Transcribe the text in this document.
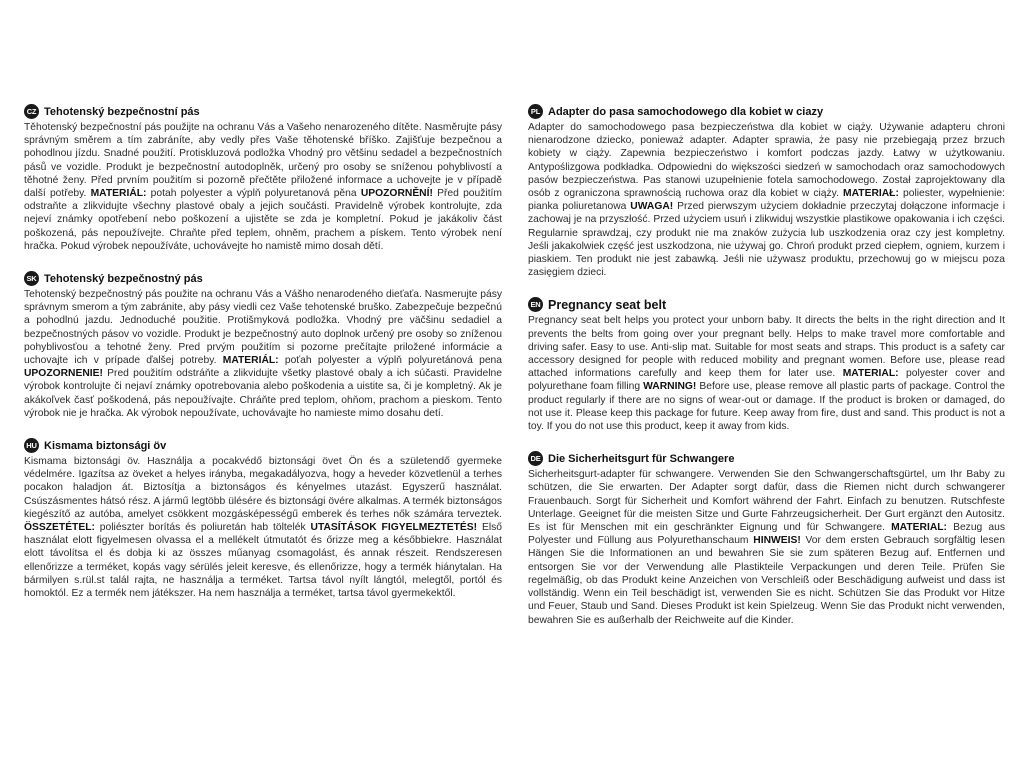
CZ Tehotenský bezpečnostní pás
Těhotenský bezpečnostní pás použijte na ochranu Vás a Vašeho nenarozeného dítěte. Nasměrujte pásy správným směrem a tím zabráníte, aby vedly přes Vaše těhotenské bříško. Zajišťuje bezpečnou a pohodlnou jízdu. Snadné použití. Protiskluzová podložka Vhodný pro většinu sedadel a bezpečnostních pásů ve vozidle. Produkt je bezpečnostní autodoplněk, určený pro osoby se sníženou pohyblivostí a těhotné ženy. Před prvním použitím si pozorně přečtěte přiložené informace a uchovejte je v případě další potřeby. MATERIÁL: potah polyester a výplň polyuretanová pěna UPOZORNĚNÍ! Před použitím odstraňte a zlikvidujte všechny plastové obaly a jejich součásti. Pravidelně výrobek kontrolujte, zda nejeví známky opotřebení nebo poškození a ujistěte se zda je kompletní. Pokud je jakákoliv část poškozená, pás nepoužívejte. Chraňte před teplem, ohněm, prachem a pískem. Tento výrobek není hračka. Pokud výrobek nepoužíváte, uchovávejte ho namistě mimo dosah dětí.
SK Tehotenský bezpečnostný pás
Tehotenský bezpečnostný pás použite na ochranu Vás a Vášho nenarodeného dieťaťa. Nasmerujte pásy správnym smerom a tým zabránite, aby pásy viedli cez Vaše tehotenské bruško. Zabezpečuje bezpečnú a pohodlnú jazdu. Jednoduché použitie. Protišmyková podložka. Vhodný pre väčšinu sedadiel a bezpečnostných pásov vo vozidle. Produkt je bezpečnostný auto doplnok určený pre osoby so zníženou pohyblivosťou a tehotné ženy. Pred prvým použitím si pozorne prečítajte priložené informácie a uchovajte ich v prípade ďalšej potreby. MATERIÁL: poťah polyester a výplň polyuretánová pena UPOZORNENIE! Pred použitím odstráňte a zlikvidujte všetky plastové obaly a ich súčasti. Pravidelne výrobok kontrolujte či nejaví známky opotrebovania alebo poškodenia a uistite sa, či je kompletný. Ak je akákoľvek časť poškodená, pás nepoužívajte. Chráňte pred teplom, ohňom, prachom a pieskom. Tento výrobok nie je hračka. Ak výrobok nepoužívate, uchovávajte ho namieste mimo dosahu detí.
HU Kismama biztonsági öv
Kismama biztonsági öv. Használja a pocakvédő biztonsági övet Ön és a születendő gyermeke védelmére. Igazítsa az öveket a helyes irányba, megakadályozva, hogy a heveder közvetlenül a terhes pocakon haladjon át. Biztosítja a biztonságos és kényelmes utazást. Egyszerű használat. Csúszásmentes hátsó rész. A jármű legtöbb ülésére és biztonsági övére alkalmas. A termék biztonságos kiegészítő az autóba, amelyet csökkent mozgásképességű emberek és terhes nők számára terveztek. ÖSSZETÉTEL: poliészter borítás és poliuretán hab töltelék UTASÍTÁSOK FIGYELMEZTETÉS! Első használat elott figyelmesen olvassa el a mellékelt útmutatót és őrizze meg a későbbiekre. Használat elott távolítsa el és dobja ki az összes műanyag csomagolást, és annak részeit. Rendszeresen ellenőrizze a terméket, kopás vagy sérülés jeleit keresve, és ellenőrizze, hogy a termék hiánytalan. Ha bármilyen s.rül.st talál rajta, ne használja a terméket. Tartsa távol nyílt lángtól, melegtől, portól és homoktól. Ez a termék nem játékszer. Ha nem használja a terméket, tartsa távol gyermekektől.
PL Adapter do pasa samochodowego dla kobiet w ciazy
Adapter do samochodowego pasa bezpieczeństwa dla kobiet w ciąży. Używanie adapteru chroni nienarodzone dziecko, ponieważ adapter. Adapter sprawia, że pasy nie przebiegają przez brzuch kobiety w ciąży. Zapewnia bezpieczeństwo i komfort podczas jazdy. Łatwy w użytkowaniu. Antypoślizgowa podkładka. Odpowiedni do większości siedzeń w samochodach oraz samochodowych pasów bezpieczeństwa. Pas stanowi uzupełnienie fotela samochodowego. Został zaprojektowany dla osób z ograniczona sprawnością ruchowa oraz dla kobiet w ciąży. MATERIAŁ: poliester, wypełnienie: pianka poliuretanowa UWAGA! Przed pierwszym użyciem dokładnie przeczytaj dołączone informacje i zachowaj je na przyszłość. Przed użyciem usuń i zlikwiduj wszystkie plastikowe opakowania i ich części. Regularnie sprawdzaj, czy produkt nie ma znaków zużycia lub uszkodzenia oraz czy jest kompletny. Jeśli jakakolwiek część jest uszkodzona, nie używaj go. Chroń produkt przed ciepłem, ogniem, kurzem i piaskiem. Ten produkt nie jest zabawką. Jeśli nie używasz produktu, przechowuj go w miejscu poza zasięgiem dzieci.
EN Pregnancy seat belt
Pregnancy seat belt helps you protect your unborn baby. It directs the belts in the right direction and It prevents the belts from going over your pregnant belly. Helps to make travel more comfortable and driving safer. Easy to use. Anti-slip mat. Suitable for most seats and straps. This product is a safety car accessory designed for people with reduced mobility and pregnant women. Before use, please read attached informations carefully and keep them for later use. MATERIAL: polyester cover and polyurethane foam filling WARNING! Before use, please remove all plastic parts of package. Control the product regularly if there are no signs of wear-out or damage. If the product is broken or damaged, do not use it. Please keep this package for future. Keep away from fire, dust and sand. This product is not a toy. If you do not use this product, keep it away from kids.
DE Die Sicherheitsgurt für Schwangere
Sicherheitsgurt-adapter für schwangere. Verwenden Sie den Schwangerschaftsgürtel, um Ihr Baby zu schützen, die Sie erwarten. Der Adapter sorgt dafür, dass die Riemen nicht durch schwangerer Frauenbauch. Sorgt für Sicherheit und Komfort während der Fahrt. Einfach zu benutzen. Rutschfeste Unterlage. Geeignet für die meisten Sitze und Gurte Fahrzeugsicherheit. Der Gurt ergänzt den Autositz. Es ist für Menschen mit ein geschränkter Eignung und für Schwangere. MATERIAL: Bezug aus Polyester und Füllung aus Polyurethanschaum HINWEIS! Vor dem ersten Gebrauch sorgfältig lesen Hängen Sie die Informationen an und bewahren Sie sie zum späteren Bezug auf. Entfernen und entsorgen Sie vor der Verwendung alle Plastikteile Verpackungen und deren Teile. Prüfen Sie regelmäßig, ob das Produkt keine Anzeichen von Verschleiß oder Beschädigung aufweist und dass ist vollständig. Wenn ein Teil beschädigt ist, verwenden Sie es nicht. Schützen Sie das Produkt vor Hitze und Feuer, Staub und Sand. Dieses Produkt ist kein Spielzeug. Wenn Sie das Produkt nicht verwenden, bewahren Sie es außerhalb der Reichweite auf die Kinder.
